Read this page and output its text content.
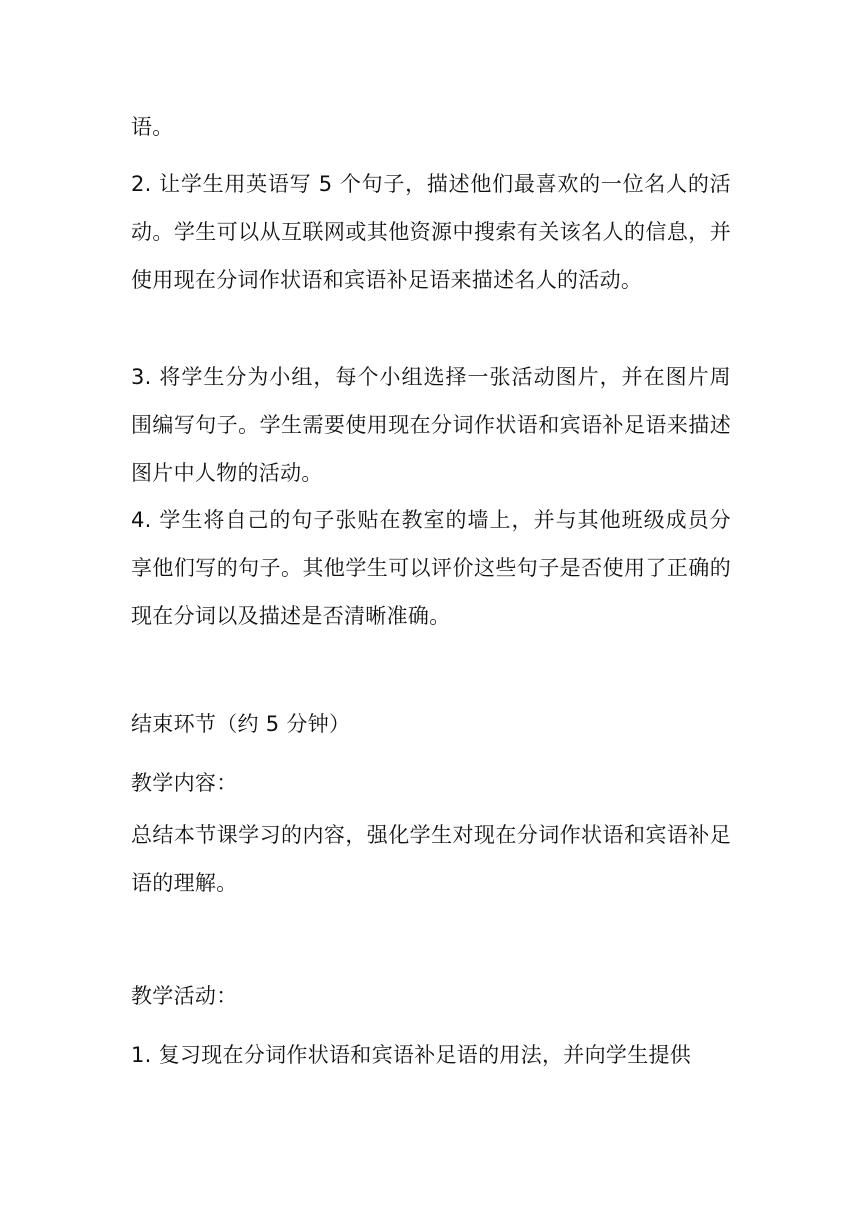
语。

2. 让学生用英语写 5 个句子，描述他们最喜欢的一位名人的活动。学生可以从互联网或其他资源中搜索有关该名人的信息，并使用现在分词作状语和宾语补足语来描述名人的活动。

3. 将学生分为小组，每个小组选择一张活动图片，并在图片周围编写句子。学生需要使用现在分词作状语和宾语补足语来描述图片中人物的活动。

4. 学生将自己的句子张贴在教室的墙上，并与其他班级成员分享他们写的句子。其他学生可以评价这些句子是否使用了正确的现在分词以及描述是否清晰准确。

结束环节（约 5 分钟）

教学内容：

总结本节课学习的内容，强化学生对现在分词作状语和宾语补足语的理解。

教学活动：

1. 复习现在分词作状语和宾语补足语的用法，并向学生提供
